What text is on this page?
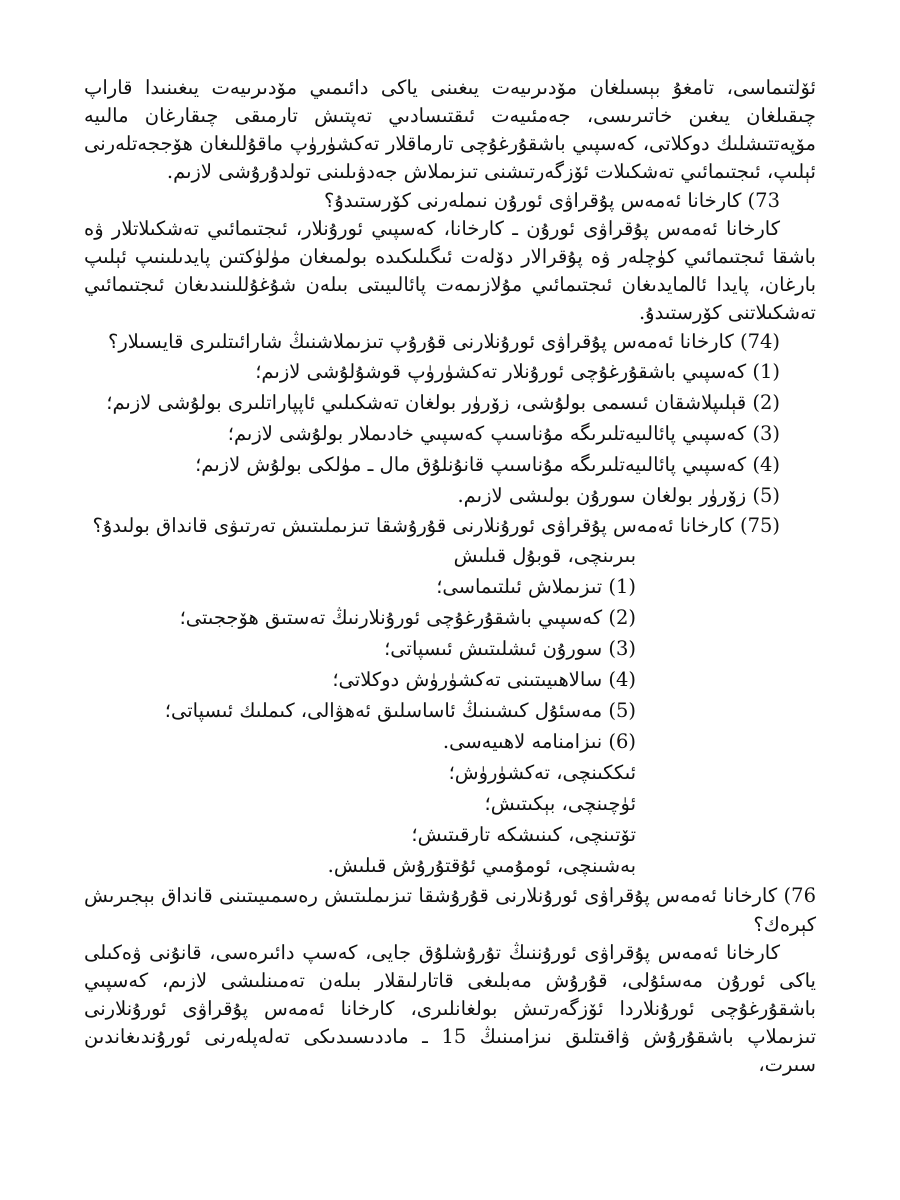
ئۆلتىماسى، تامغۇ بېسىلغان مۆدىرىيەت يىغىنى ياكى دائىمىي مۆدىرىيەت يىغىنىدا قاراپ چىقىلغان يىغىن خاتىرىسى، جەمئىيەت ئىقتىسادىي تەپتىش تارمىقى چىقارغان مالىيە مۆپەتتىشلىك دوكلاتى، كەسپىي باشقۇرغۇچى تارماقلار تەكشۈرۈپ ماقۇللىغان ھۆججەتلەرنى ئېلىپ، ئىجتىمائىي تەشكىلات ئۆزگەرتىشنى تىزىملاش جەدۋىلىنى تولدۇرۇشى لازىم.

73) كارخانا ئەمەس پۇقراۋى ئورۇن نىملەرنى كۆرستىدۇ؟

كارخانا ئەمەس پۇقراۋى ئورۇن ـ كارخانا، كەسپىي ئورۇنلار، ئىجتىمائىي تەشكىلاتلار ۋە باشقا ئىجتىمائىي كۈچلەر ۋە پۇقرالار دۆلەت ئىگىلىكىدە بولمىغان مۈلۈكتىن پايدىلىنىپ ئېلىپ بارغان، پايدا ئالمايدىغان ئىجتىمائىي مۇلازىمەت پائالىيىتى بىلەن شۇغۇللىنىدىغان ئىجتىمائىي تەشكىلاتنى كۆرستىدۇ.

(74) كارخانا ئەمەس پۇقراۋى ئورۇنلارنى قۇرۇپ تىزىملاشنىڭ شارائىتلىرى قايسىلار؟

(1) كەسپىي باشقۇرغۇچى ئورۇنلار تەكشۈرۈپ قوشۇلۇشى لازىم؛

(2) قېلىپلاشقان ئىسمى بولۇشى، زۆرۈر بولغان تەشكىلىي ئاپپاراتلىرى بولۇشى لازىم؛

(3) كەسپىي پائالىيەتلىرىگە مۇناسىپ كەسپىي خادىملار بولۇشى لازىم؛

(4) كەسپىي پائالىيەتلىرىگە مۇناسىپ قانۇنلۇق مال ـ مۈلكى بولۇش لازىم؛

(5) زۆرۈر بولغان سورۇن بولىشى لازىم.

(75) كارخانا ئەمەس پۇقراۋى ئورۇنلارنى قۇرۇشقا تىزىملىتىش تەرتىۋى قانداق بولىدۇ؟

بىرىنچى، قوبۇل قىلىش

(1) تىزىملاش ئىلتىماسى؛

(2) كەسپىي باشقۇرغۇچى ئورۇنلارنىڭ تەستىق ھۆججىتى؛

(3) سورۇن ئىشلىتىش ئىسپاتى؛

(4) سالاھىيىتىنى تەكشۈرۈش دوكلاتى؛

(5) مەسئۇل كىشىنىڭ ئاساسلىق ئەھۋالى، كىملىك ئىسپاتى؛

(6) نىزامنامە لاھىيەسى.

ئىككىنچى، تەكشۈرۈش؛

ئۈچىنچى، بېكىتىش؛

تۆتىنچى، كىنىشكە تارقىتىش؛

بەشىنچى، ئومۇمىي ئۇقتۇرۇش قىلىش.

76) كارخانا ئەمەس پۇقراۋى ئورۇنلارنى قۇرۇشقا تىزىملىتىش رەسمىيىتىنى قانداق بېجىرىش كېرەك؟

كارخانا ئەمەس پۇقراۋى ئورۇننىڭ تۇرۇشلۇق جايى، كەسپ دائىرەسى، قانۇنى ۋەكىلى ياكى ئورۇن مەسئۇلى، قۇرۇش مەبلىغى قاتارلىقلار بىلەن تەمىنلىشى لازىم، كەسپىي باشقۇرغۇچى ئورۇنلاردا ئۆزگەرتىش بولغانلىرى، كارخانا ئەمەس پۇقراۋى ئورۇنلارنى تىزىملاپ باشقۇرۇش ۋاقىتلىق نىزامىنىڭ 15 ـ ماددىسىدىكى تەلەپلەرنى ئورۇندىغاندىن سىرت،
